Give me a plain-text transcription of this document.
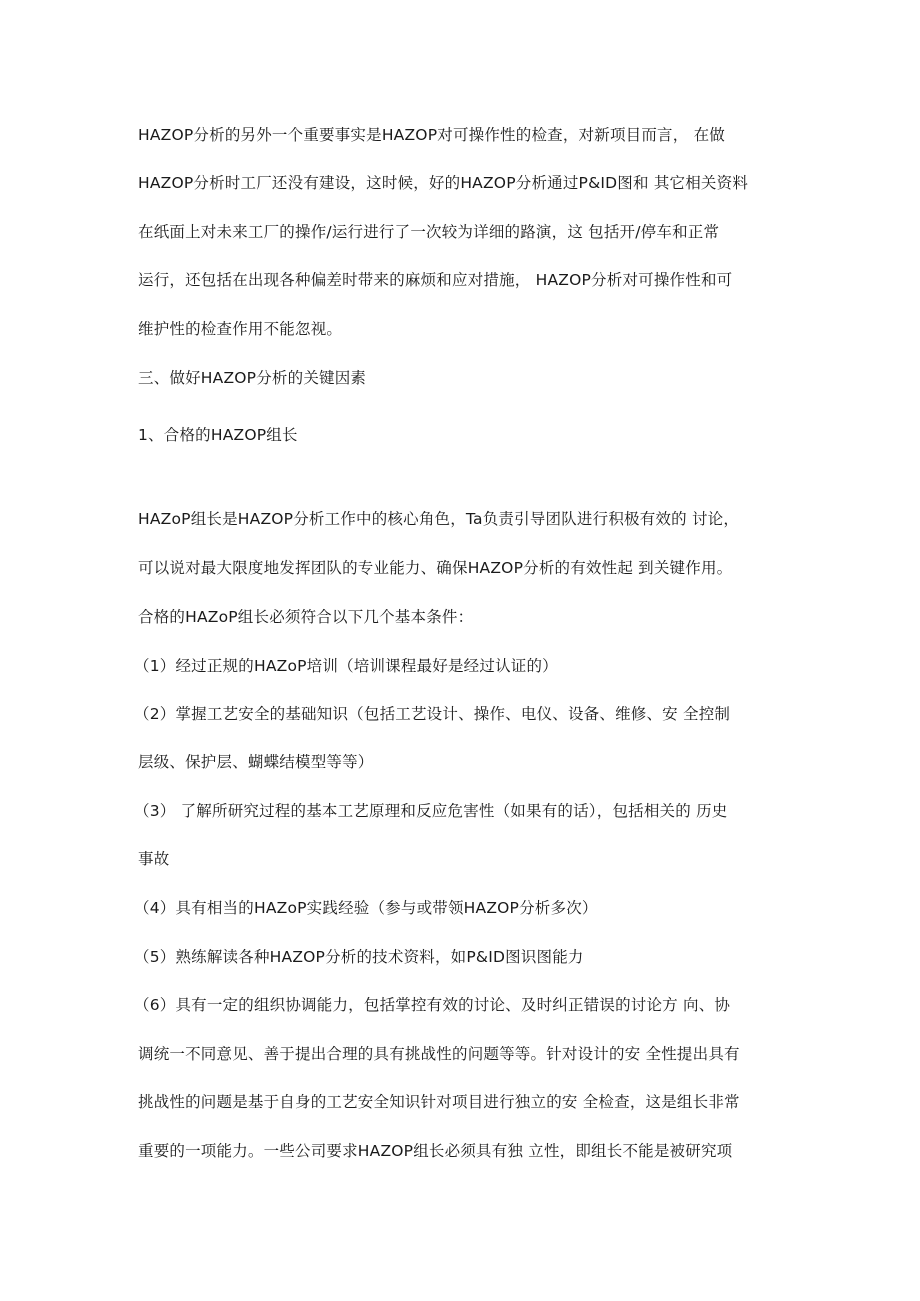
HAZOP分析的另外一个重要事实是HAZOP对可操作性的检查，对新项目而言， 在做
HAZOP分析时工厂还没有建设，这时候，好的HAZOP分析通过P&ID图和 其它相关资料
在纸面上对未来工厂的操作/运行进行了一次较为详细的路演，这 包括开/停车和正常
运行，还包括在出现各种偏差时带来的麻烦和应对措施， HAZOP分析对可操作性和可
维护性的检查作用不能忽视。
三、做好HAZOP分析的关键因素
1、合格的HAZOP组长
HAZoP组长是HAZOP分析工作中的核心角色，Ta负责引导团队进行积极有效的 讨论，
可以说对最大限度地发挥团队的专业能力、确保HAZOP分析的有效性起 到关键作用。
合格的HAZoP组长必须符合以下几个基本条件：
（1）经过正规的HAZoP培训（培训课程最好是经过认证的）
（2）掌握工艺安全的基础知识（包括工艺设计、操作、电仪、设备、维修、安 全控制
层级、保护层、蝴蝶结模型等等）
（3） 了解所研究过程的基本工艺原理和反应危害性（如果有的话），包括相关的 历史
事故
（4）具有相当的HAZoP实践经验（参与或带领HAZOP分析多次）
（5）熟练解读各种HAZOP分析的技术资料，如P&ID图识图能力
（6）具有一定的组织协调能力，包括掌控有效的讨论、及时纠正错误的讨论方 向、协
调统一不同意见、善于提出合理的具有挑战性的问题等等。针对设计的安 全性提出具有
挑战性的问题是基于自身的工艺安全知识针对项目进行独立的安 全检查，这是组长非常
重要的一项能力。一些公司要求HAZOP组长必须具有独 立性，即组长不能是被研究项
